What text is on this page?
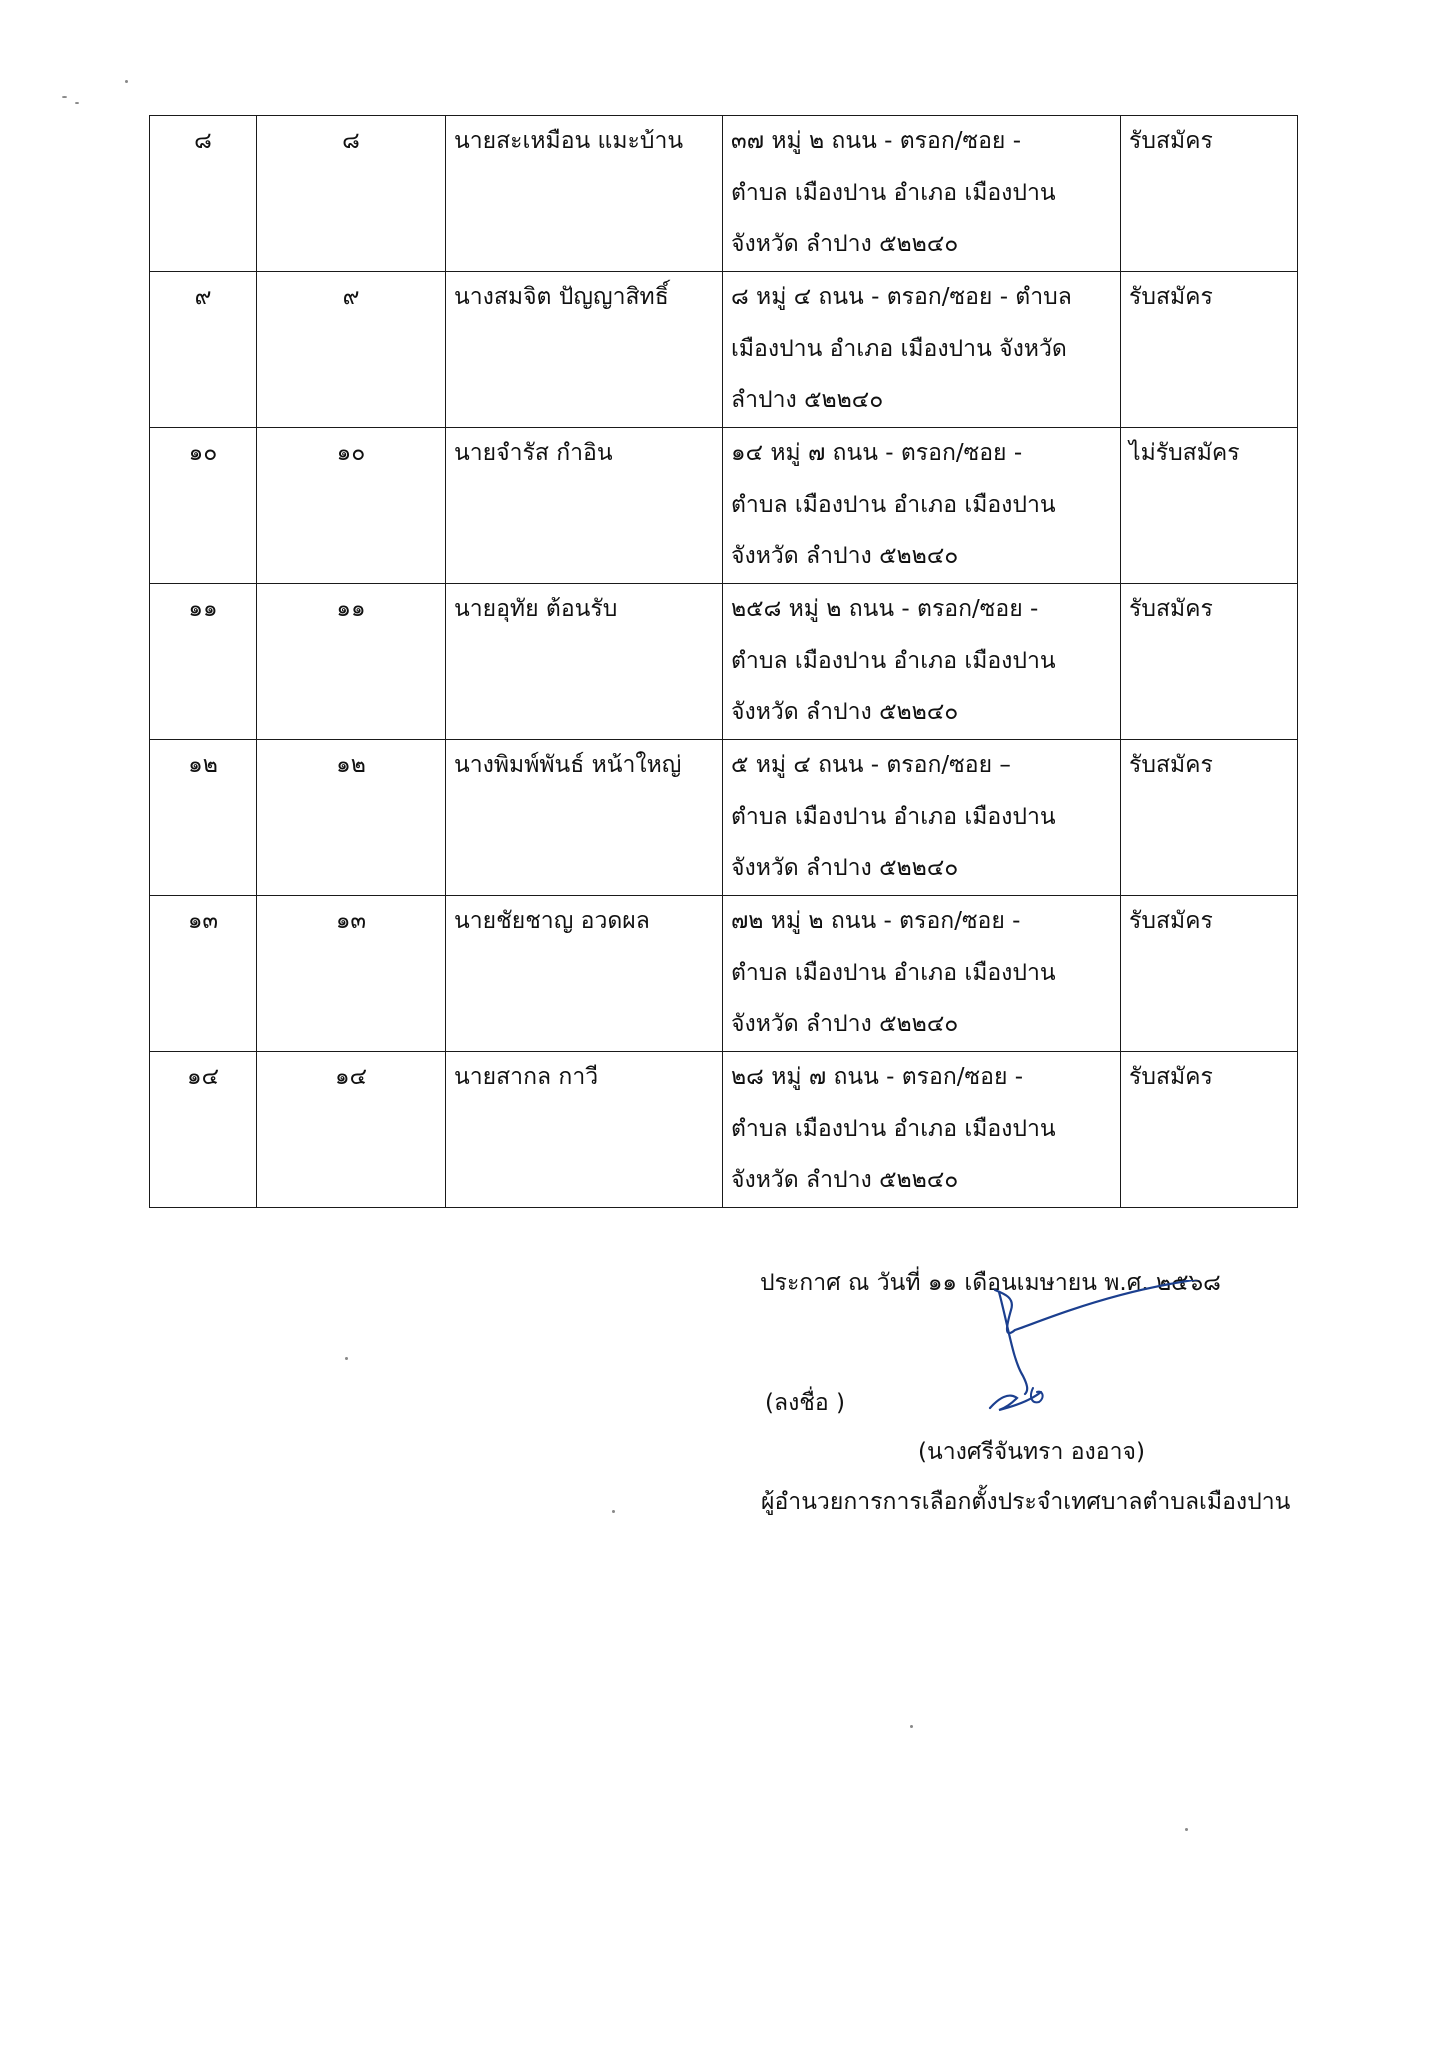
๘	๘	นายสะเหมือน แมะบ้าน	๓๗ หมู่ ๒ ถนน - ตรอก/ซอย -
ตำบล เมืองปาน อำเภอ เมืองปาน
จังหวัด ลำปาง ๕๒๒๔๐	รับสมัคร
๙	๙	นางสมจิต ปัญญาสิทธิ์	๘ หมู่ ๔ ถนน - ตรอก/ซอย - ตำบล
เมืองปาน อำเภอ เมืองปาน จังหวัด
ลำปาง ๕๒๒๔๐	รับสมัคร
๑๐	๑๐	นายจำรัส กำอิน	๑๔ หมู่ ๗ ถนน - ตรอก/ซอย -
ตำบล เมืองปาน อำเภอ เมืองปาน
จังหวัด ลำปาง ๕๒๒๔๐	ไม่รับสมัคร
๑๑	๑๑	นายอุทัย ต้อนรับ	๒๕๘ หมู่ ๒ ถนน - ตรอก/ซอย -
ตำบล เมืองปาน อำเภอ เมืองปาน
จังหวัด ลำปาง ๕๒๒๔๐	รับสมัคร
๑๒	๑๒	นางพิมพ์พันธ์ หน้าใหญ่	๕ หมู่ ๔ ถนน - ตรอก/ซอย –
ตำบล เมืองปาน อำเภอ เมืองปาน
จังหวัด ลำปาง ๕๒๒๔๐	รับสมัคร
๑๓	๑๓	นายชัยชาญ อวดผล	๗๒ หมู่ ๒ ถนน - ตรอก/ซอย -
ตำบล เมืองปาน อำเภอ เมืองปาน
จังหวัด ลำปาง ๕๒๒๔๐	รับสมัคร
๑๔	๑๔	นายสากล กาวี	๒๘ หมู่ ๗ ถนน - ตรอก/ซอย -
ตำบล เมืองปาน อำเภอ เมืองปาน
จังหวัด ลำปาง ๕๒๒๔๐	รับสมัคร
ประกาศ ณ วันที่ ๑๑ เดือนเมษายน พ.ศ. ๒๕๖๘
(ลงชื่อ )
(นางศรีจันทรา องอาจ)
ผู้อำนวยการการเลือกตั้งประจำเทศบาลตำบลเมืองปาน
